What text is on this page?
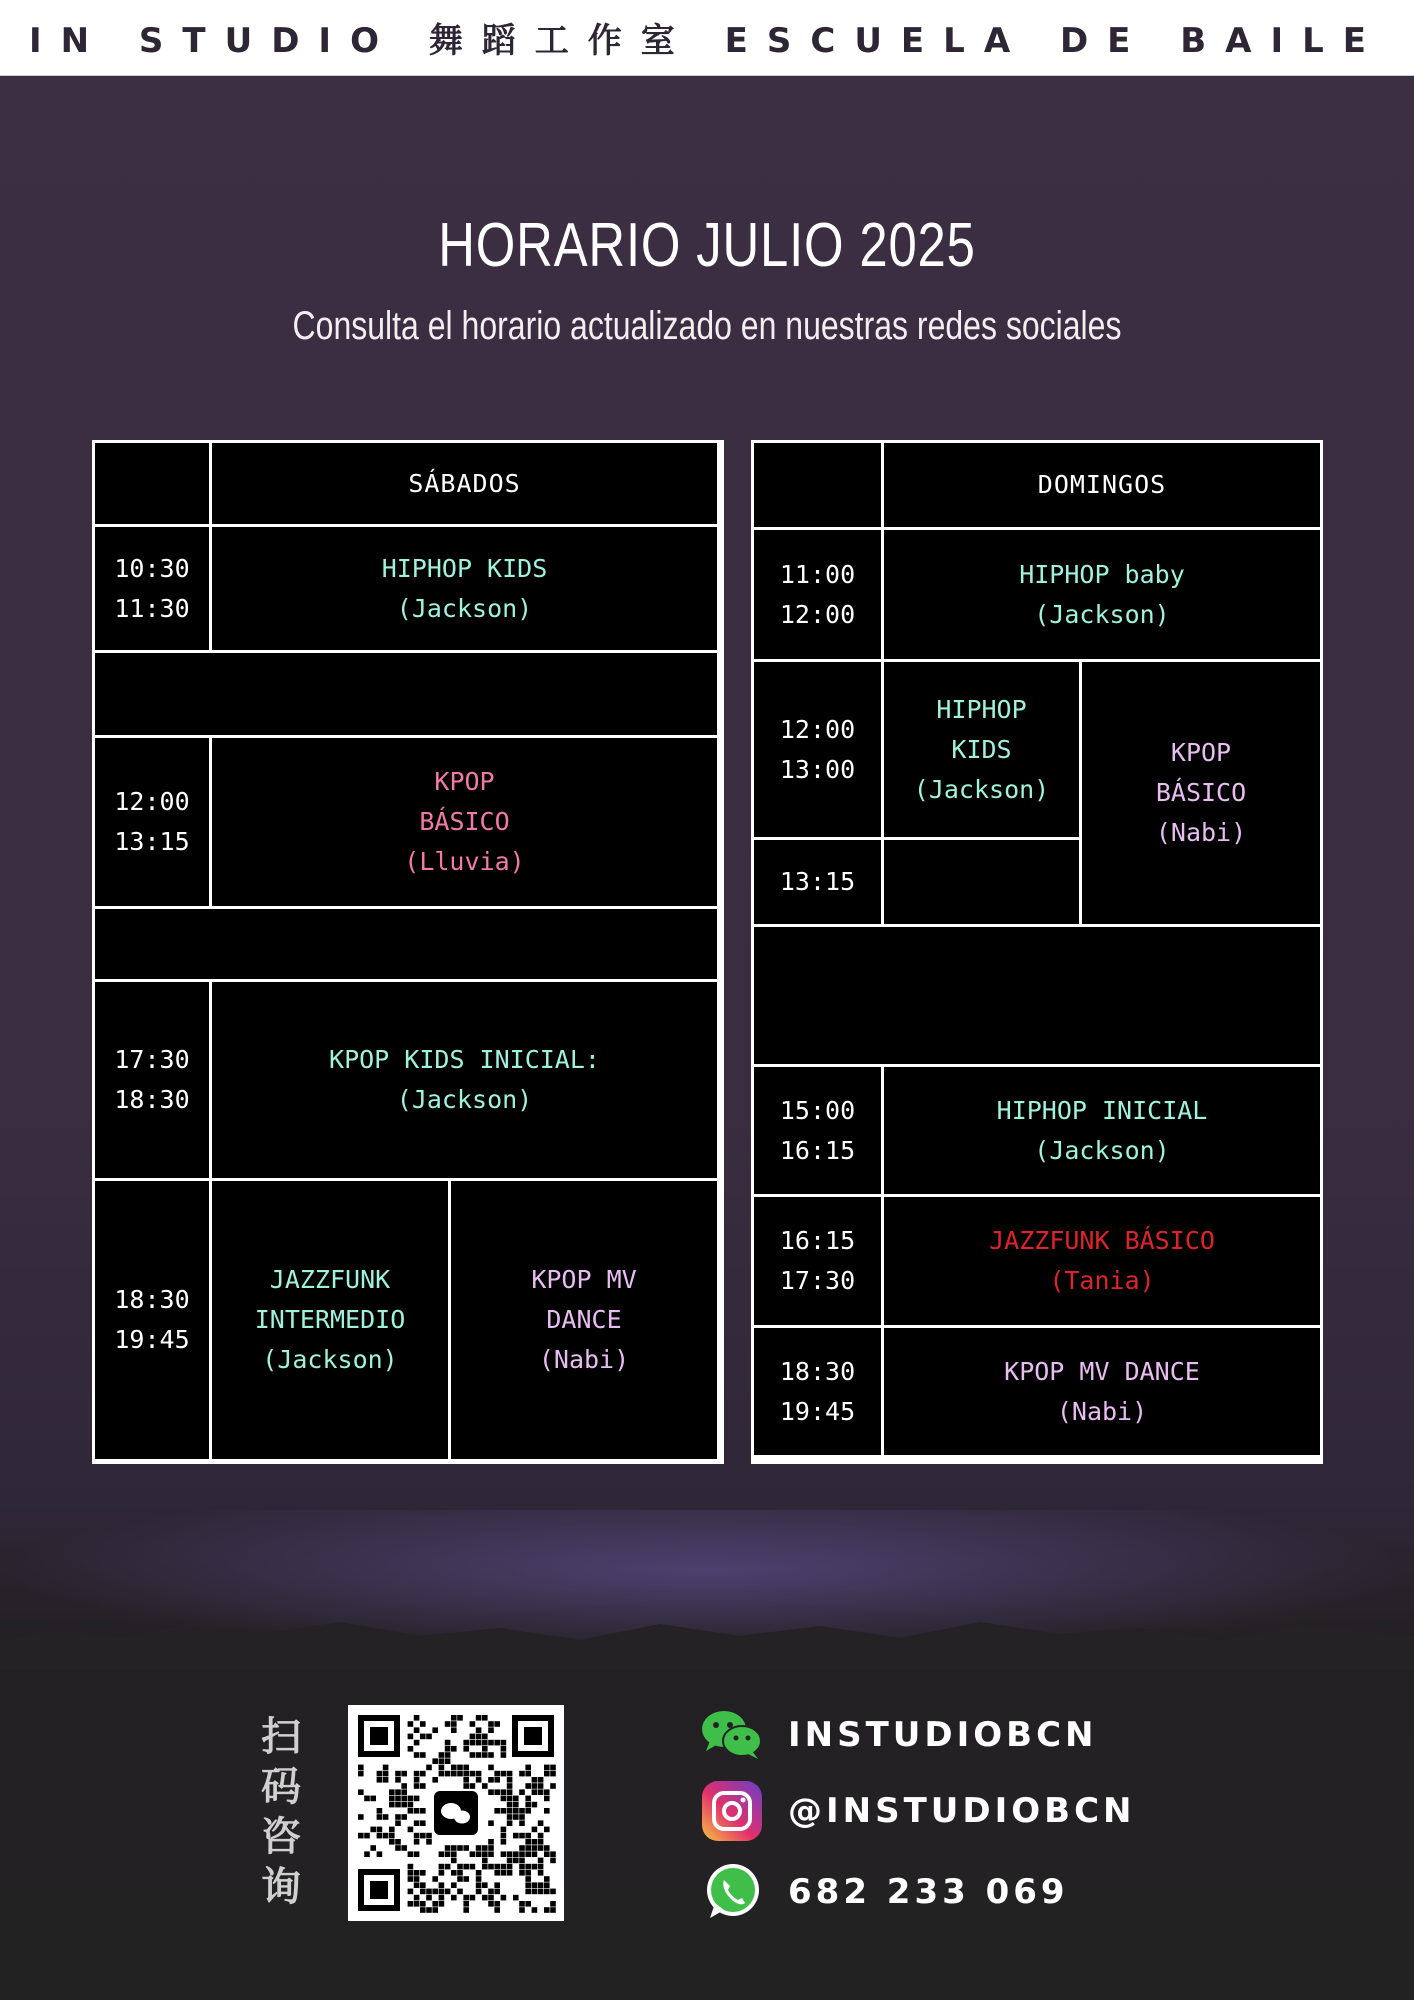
IN STUDIO 舞蹈工作室 ESCUELA DE BAILE
HORARIO JULIO 2025
Consulta el horario actualizado en nuestras redes sociales
SÁBADOS
10:30
11:30
HIPHOP KIDS
(Jackson)
12:00
13:15
KPOP
BÁSICO
(Lluvia)
17:30
18:30
KPOP KIDS INICIAL:
(Jackson)
18:30
19:45
JAZZFUNK
INTERMEDIO
(Jackson)
KPOP MV
DANCE
(Nabi)
DOMINGOS
11:00
12:00
HIPHOP baby
(Jackson)
12:00
13:00
HIPHOP
KIDS
(Jackson)
KPOP
BÁSICO
(Nabi)
13:15
15:00
16:15
HIPHOP INICIAL
(Jackson)
16:15
17:30
JAZZFUNK BÁSICO
(Tania)
18:30
19:45
KPOP MV DANCE
(Nabi)
扫
码
咨
询
INSTUDIOBCN
@INSTUDIOBCN
682 233 069
